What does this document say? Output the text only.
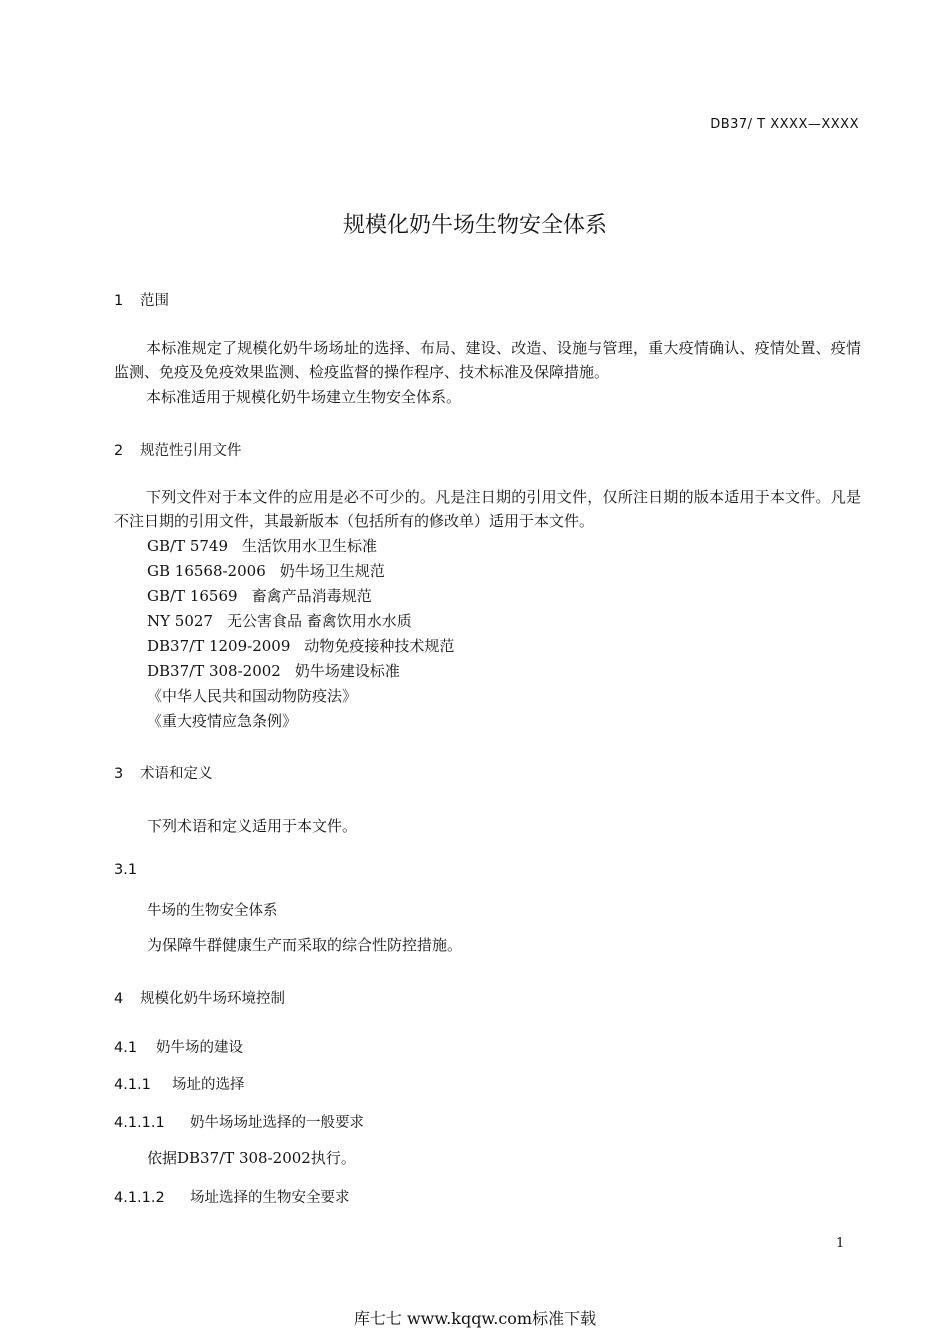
DB37/ T XXXX—XXXX
规模化奶牛场生物安全体系
1 范围
本标准规定了规模化奶牛场场址的选择、布局、建设、改造、设施与管理，重大疫情确认、疫情处置、疫情监测、免疫及免疫效果监测、检疫监督的操作程序、技术标准及保障措施。
本标准适用于规模化奶牛场建立生物安全体系。
2 规范性引用文件
下列文件对于本文件的应用是必不可少的。凡是注日期的引用文件，仅所注日期的版本适用于本文件。凡是不注日期的引用文件，其最新版本（包括所有的修改单）适用于本文件。
GB/T 5749 生活饮用水卫生标准
GB 16568-2006 奶牛场卫生规范
GB/T 16569 畜禽产品消毒规范
NY 5027 无公害食品 畜禽饮用水水质
DB37/T 1209-2009 动物免疫接种技术规范
DB37/T 308-2002 奶牛场建设标准
《中华人民共和国动物防疫法》
《重大疫情应急条例》
3 术语和定义
下列术语和定义适用于本文件。
3.1
牛场的生物安全体系
为保障牛群健康生产而采取的综合性防控措施。
4 规模化奶牛场环境控制
4.1 奶牛场的建设
4.1.1 场址的选择
4.1.1.1 奶牛场场址选择的一般要求
依据DB37/T 308-2002执行。
4.1.1.2 场址选择的生物安全要求
1
库七七 www.kqqw.com标准下载
